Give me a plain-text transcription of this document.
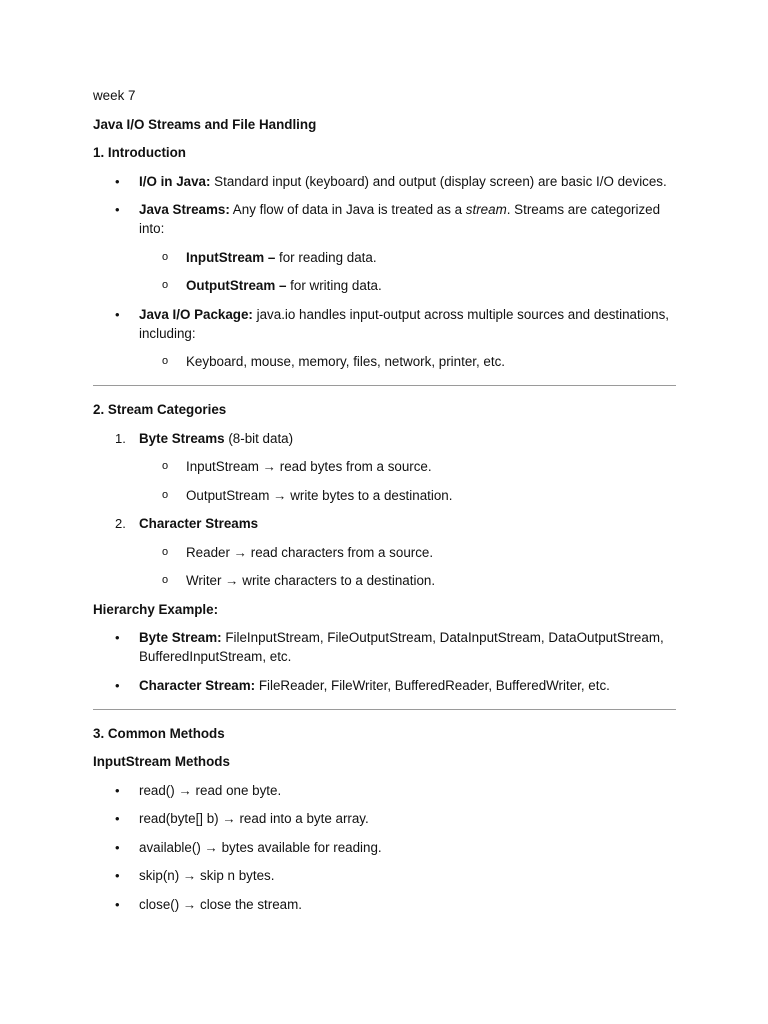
week 7

Java I/O Streams and File Handling

1. Introduction

• I/O in Java: Standard input (keyboard) and output (display screen) are basic I/O devices.
• Java Streams: Any flow of data in Java is treated as a stream. Streams are categorized into:
o InputStream – for reading data.
o OutputStream – for writing data.
• Java I/O Package: java.io handles input-output across multiple sources and destinations, including:
o Keyboard, mouse, memory, files, network, printer, etc.

2. Stream Categories

1. Byte Streams (8-bit data)
o InputStream → read bytes from a source.
o OutputStream → write bytes to a destination.
2. Character Streams
o Reader → read characters from a source.
o Writer → write characters to a destination.

Hierarchy Example:

• Byte Stream: FileInputStream, FileOutputStream, DataInputStream, DataOutputStream, BufferedInputStream, etc.
• Character Stream: FileReader, FileWriter, BufferedReader, BufferedWriter, etc.

3. Common Methods

InputStream Methods

• read() → read one byte.
• read(byte[] b) → read into a byte array.
• available() → bytes available for reading.
• skip(n) → skip n bytes.
• close() → close the stream.
